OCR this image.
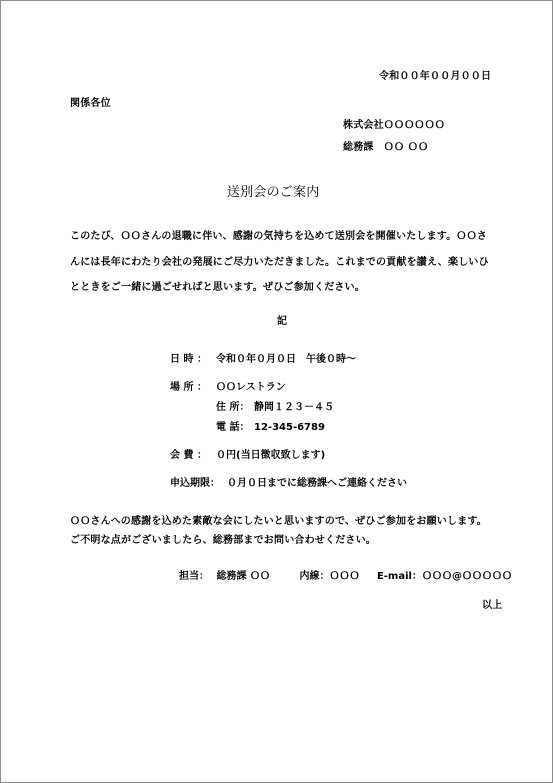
令和００年００月００日
関係各位
株式会社ＯＯＯＯＯＯ
総務課　ＯＯ ＯＯ
送別会のご案内
このたび、ＯＯさんの退職に伴い、感謝の気持ちを込めて送別会を開催いたします。ＯＯさ
んには長年にわたり会社の発展にご尽力いただきました。これまでの貢献を讃え、楽しいひ
とときをご一緒に過ごせればと思います。ぜひご参加ください。
記
日 時 ： 令和０年０月０日　午後０時～
場 所 ： ＯＯレストラン
住 所： 静岡１２３－４５
電 話： 12-345-6789
会 費 ： ０円(当日徴収致します)
申込期限： ０月０日までに総務課へご連絡ください
ＯＯさんへの感謝を込めた素敵な会にしたいと思いますので、ぜひご参加をお願いします。
ご不明な点がございましたら、総務部までお問い合わせください。
担当： 総務課 ＯＯ	内線：ＯＯＯ E-mail：ＯＯＯ@ＯＯＯＯＯ
以上
